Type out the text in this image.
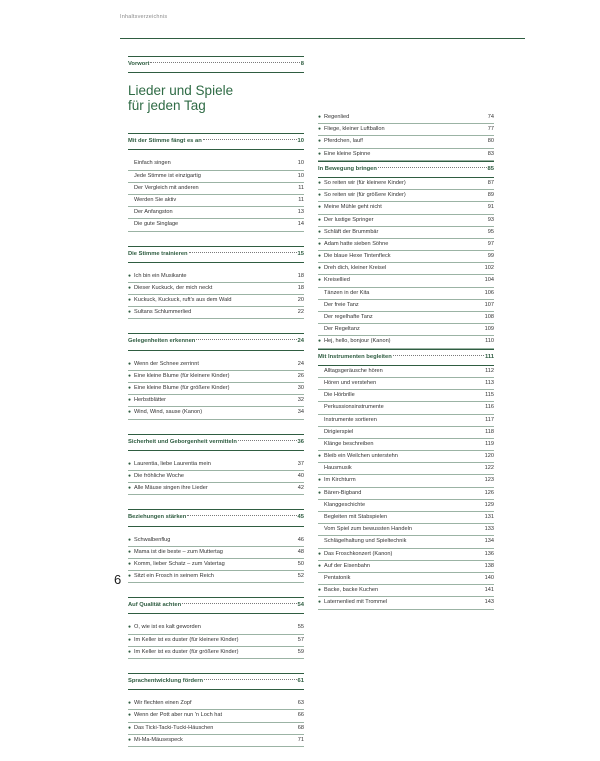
Inhaltsverzeichnis
Vorwort	8
Lieder und Spiele
für jeden Tag
Mit der Stimme fängt es an	10
Einfach singen	10
Jede Stimme ist einzigartig	10
Der Vergleich mit anderen	11
Werden Sie aktiv	11
Der Anfangston	13
Die gute Singlage	14
Die Stimme trainieren	15
● Ich bin ein Musikante	18
● Dieser Kuckuck, der mich neckt	18
● Kuckuck, Kuckuck, ruft's aus dem Wald	20
● Sultans Schlummerlied	22
Gelegenheiten erkennen	24
● Wenn der Schnee zerrinnt	24
● Eine kleine Blume (für kleinere Kinder)	26
● Eine kleine Blume (für größere Kinder)	30
● Herbstblätter	32
● Wind, Wind, sause (Kanon)	34
Sicherheit und Geborgenheit vermitteln	36
● Laurentia, liebe Laurentia mein	37
● Die fröhliche Woche	40
● Alle Mäuse singen ihre Lieder	42
Beziehungen stärken	45
● Schwalbenflug	46
● Mama ist die beste – zum Muttertag	48
● Komm, lieber Schatz – zum Vatertag	50
● Sitzt ein Frosch in seinem Reich	52
Auf Qualität achten	54
● O, wie ist es kalt geworden	55
● Im Keller ist es duster (für kleinere Kinder)	57
● Im Keller ist es duster (für größere Kinder)	59
Sprachentwicklung fördern	61
● Wir flechten einen Zopf	63
● Wenn der Pott aber nun 'n Loch hat	66
● Das Ticki-Tacki-Tucki-Häuschen	68
● Mi-Ma-Mäusespeck	71
● Regenlied	74
● Fliege, kleiner Luftballon	77
● Pferdchen, lauf!	80
● Eine kleine Spinne	83
In Bewegung bringen	85
● So reiten wir (für kleinere Kinder)	87
● So reiten wir (für größere Kinder)	89
● Meine Mühle geht nicht	91
● Der lustige Springer	93
● Schläft der Brummbär	95
● Adam hatte sieben Söhne	97
● Die blaue Hexe Tintenfleck	99
● Dreh dich, kleiner Kreisel	102
● Kreisellied	104
Tänzen in der Kita	106
Der freie Tanz	107
Der regelhafte Tanz	108
Der Regeltanz	109
● Hej, hello, bonjour (Kanon)	110
Mit Instrumenten begleiten	111
Alltagsgeräusche hören	112
Hören und verstehen	113
Die Hörbrille	115
Perkussionsinstrumente	116
Instrumente sortieren	117
Dirigierspiel	118
Klänge beschreiben	119
● Bleib ein Weilchen unterstehn	120
Hausmusik	122
● Im Kirchturm	123
● Bären-Bigband	126
Klanggeschichte	129
Begleiten mit Stabspielen	131
Vom Spiel zum bewussten Handeln	133
Schlägelhaltung und Spieltechnik	134
● Das Froschkonzert (Kanon)	136
● Auf der Eisenbahn	138
Pentatonik	140
● Backe, backe Kuchen	141
● Laternenlied mit Trommel	143
6
